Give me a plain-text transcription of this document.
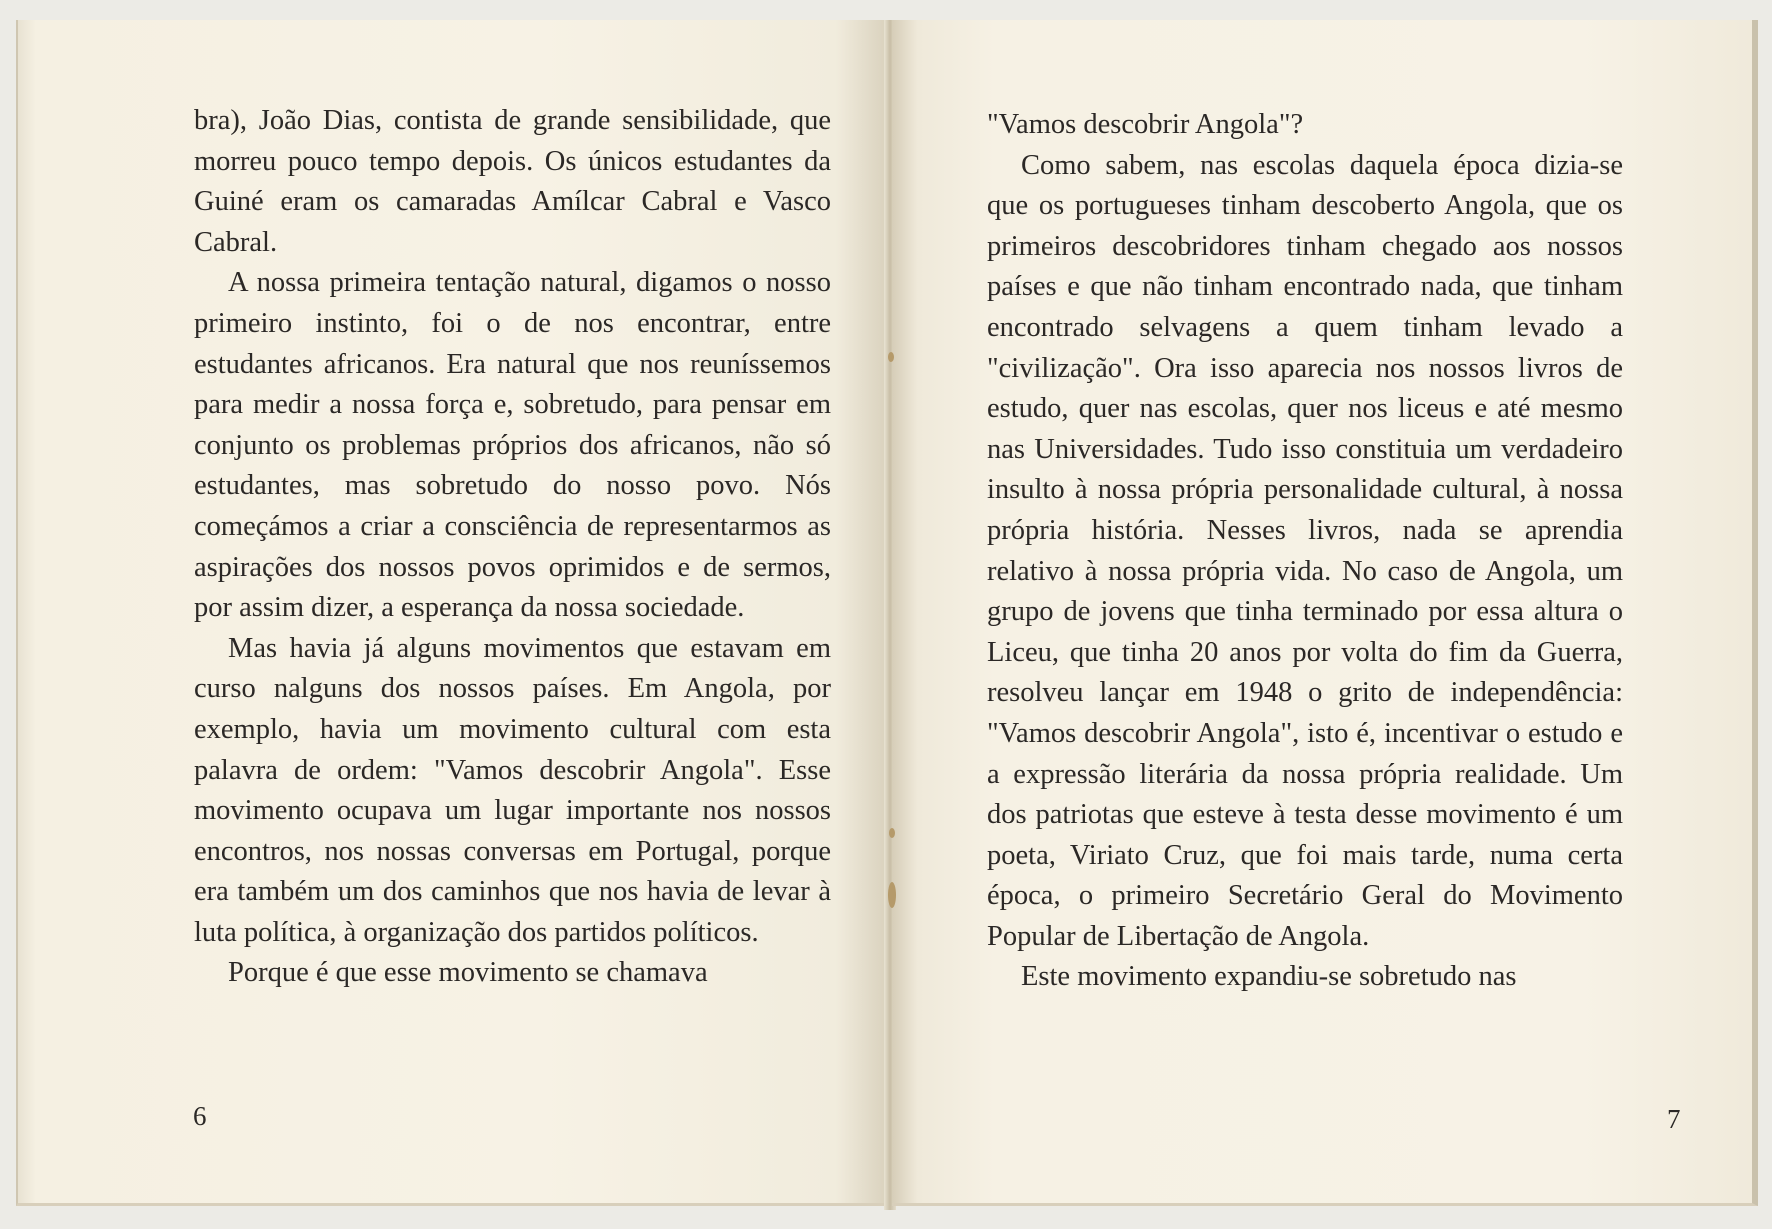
bra), João Dias, contista de grande sensibilidade, que morreu pouco tempo depois. Os únicos estudantes da Guiné eram os camaradas Amílcar Cabral e Vasco Cabral.

A nossa primeira tentação natural, digamos o nosso primeiro instinto, foi o de nos encontrar, entre estudantes africanos. Era natural que nos reuníssemos para medir a nossa força e, sobretudo, para pensar em conjunto os problemas próprios dos africanos, não só estudantes, mas sobretudo do nosso povo. Nós começámos a criar a consciência de representarmos as aspirações dos nossos povos oprimidos e de sermos, por assim dizer, a esperança da nossa sociedade.

Mas havia já alguns movimentos que estavam em curso nalguns dos nossos países. Em Angola, por exemplo, havia um movimento cultural com esta palavra de ordem: "Vamos descobrir Angola". Esse movimento ocupava um lugar importante nos nossos encontros, nos nossas conversas em Portugal, porque era também um dos caminhos que nos havia de levar à luta política, à organização dos partidos políticos.

Porque é que esse movimento se chamava

6

"Vamos descobrir Angola"?

Como sabem, nas escolas daquela época dizia-se que os portugueses tinham descoberto Angola, que os primeiros descobridores tinham chegado aos nossos países e que não tinham encontrado nada, que tinham encontrado selvagens a quem tinham levado a "civilização". Ora isso aparecia nos nossos livros de estudo, quer nas escolas, quer nos liceus e até mesmo nas Universidades. Tudo isso constituia um verdadeiro insulto à nossa própria personalidade cultural, à nossa própria história. Nesses livros, nada se aprendia relativo à nossa própria vida. No caso de Angola, um grupo de jovens que tinha terminado por essa altura o Liceu, que tinha 20 anos por volta do fim da Guerra, resolveu lançar em 1948 o grito de independência: "Vamos descobrir Angola", isto é, incentivar o estudo e a expressão literária da nossa própria realidade. Um dos patriotas que esteve à testa desse movimento é um poeta, Viriato Cruz, que foi mais tarde, numa certa época, o primeiro Secretário Geral do Movimento Popular de Libertação de Angola.

Este movimento expandiu-se sobretudo nas

7
